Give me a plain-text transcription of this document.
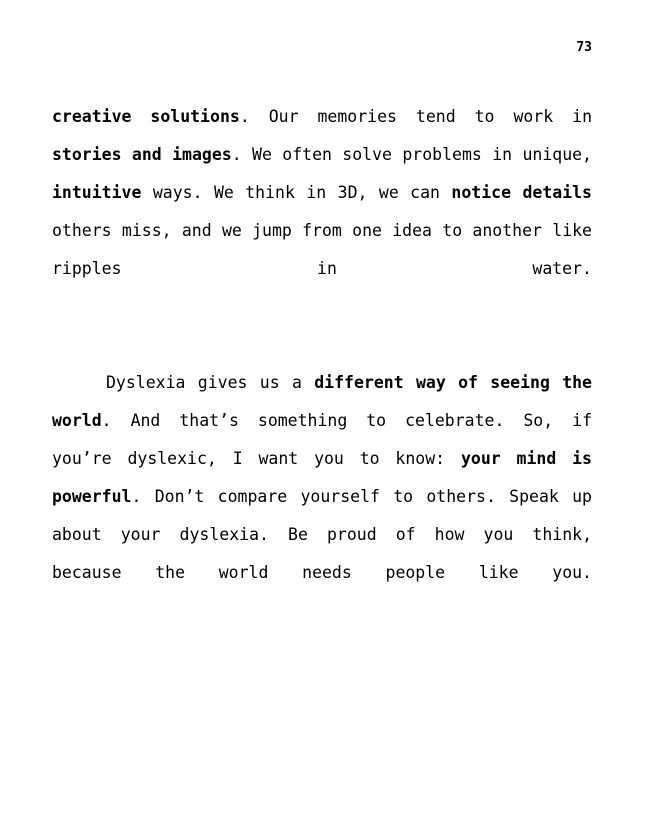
73

creative solutions. Our memories tend to work in stories and images. We often solve problems in unique, intuitive ways. We think in 3D, we can notice details others miss, and we jump from one idea to another like ripples in water.

Dyslexia gives us a different way of seeing the world. And that’s something to celebrate. So, if you’re dyslexic, I want you to know: your mind is powerful. Don’t compare yourself to others. Speak up about your dyslexia. Be proud of how you think, because the world needs people like you.
